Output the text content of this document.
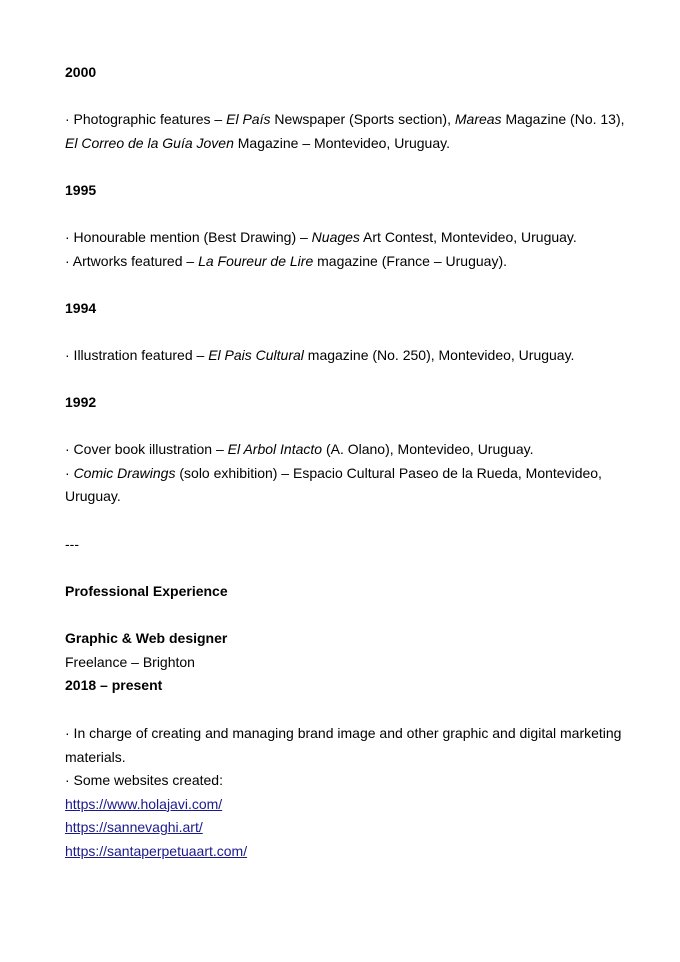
2000
· Photographic features – El País Newspaper (Sports section), Mareas Magazine (No. 13),
El Correo de la Guía Joven Magazine – Montevideo, Uruguay.
1995
· Honourable mention (Best Drawing) – Nuages Art Contest, Montevideo, Uruguay.
· Artworks featured – La Foureur de Lire magazine (France – Uruguay).
1994
· Illustration featured – El Pais Cultural magazine (No. 250), Montevideo, Uruguay.
1992
· Cover book illustration – El Arbol Intacto (A. Olano), Montevideo, Uruguay.
· Comic Drawings (solo exhibition) – Espacio Cultural Paseo de la Rueda, Montevideo,
Uruguay.
---
Professional Experience
Graphic & Web designer
Freelance – Brighton
2018 – present
· In charge of creating and managing brand image and other graphic and digital marketing
materials.
· Some websites created:
https://www.holajavi.com/
https://sannevaghi.art/
https://santaperpetuaart.com/
